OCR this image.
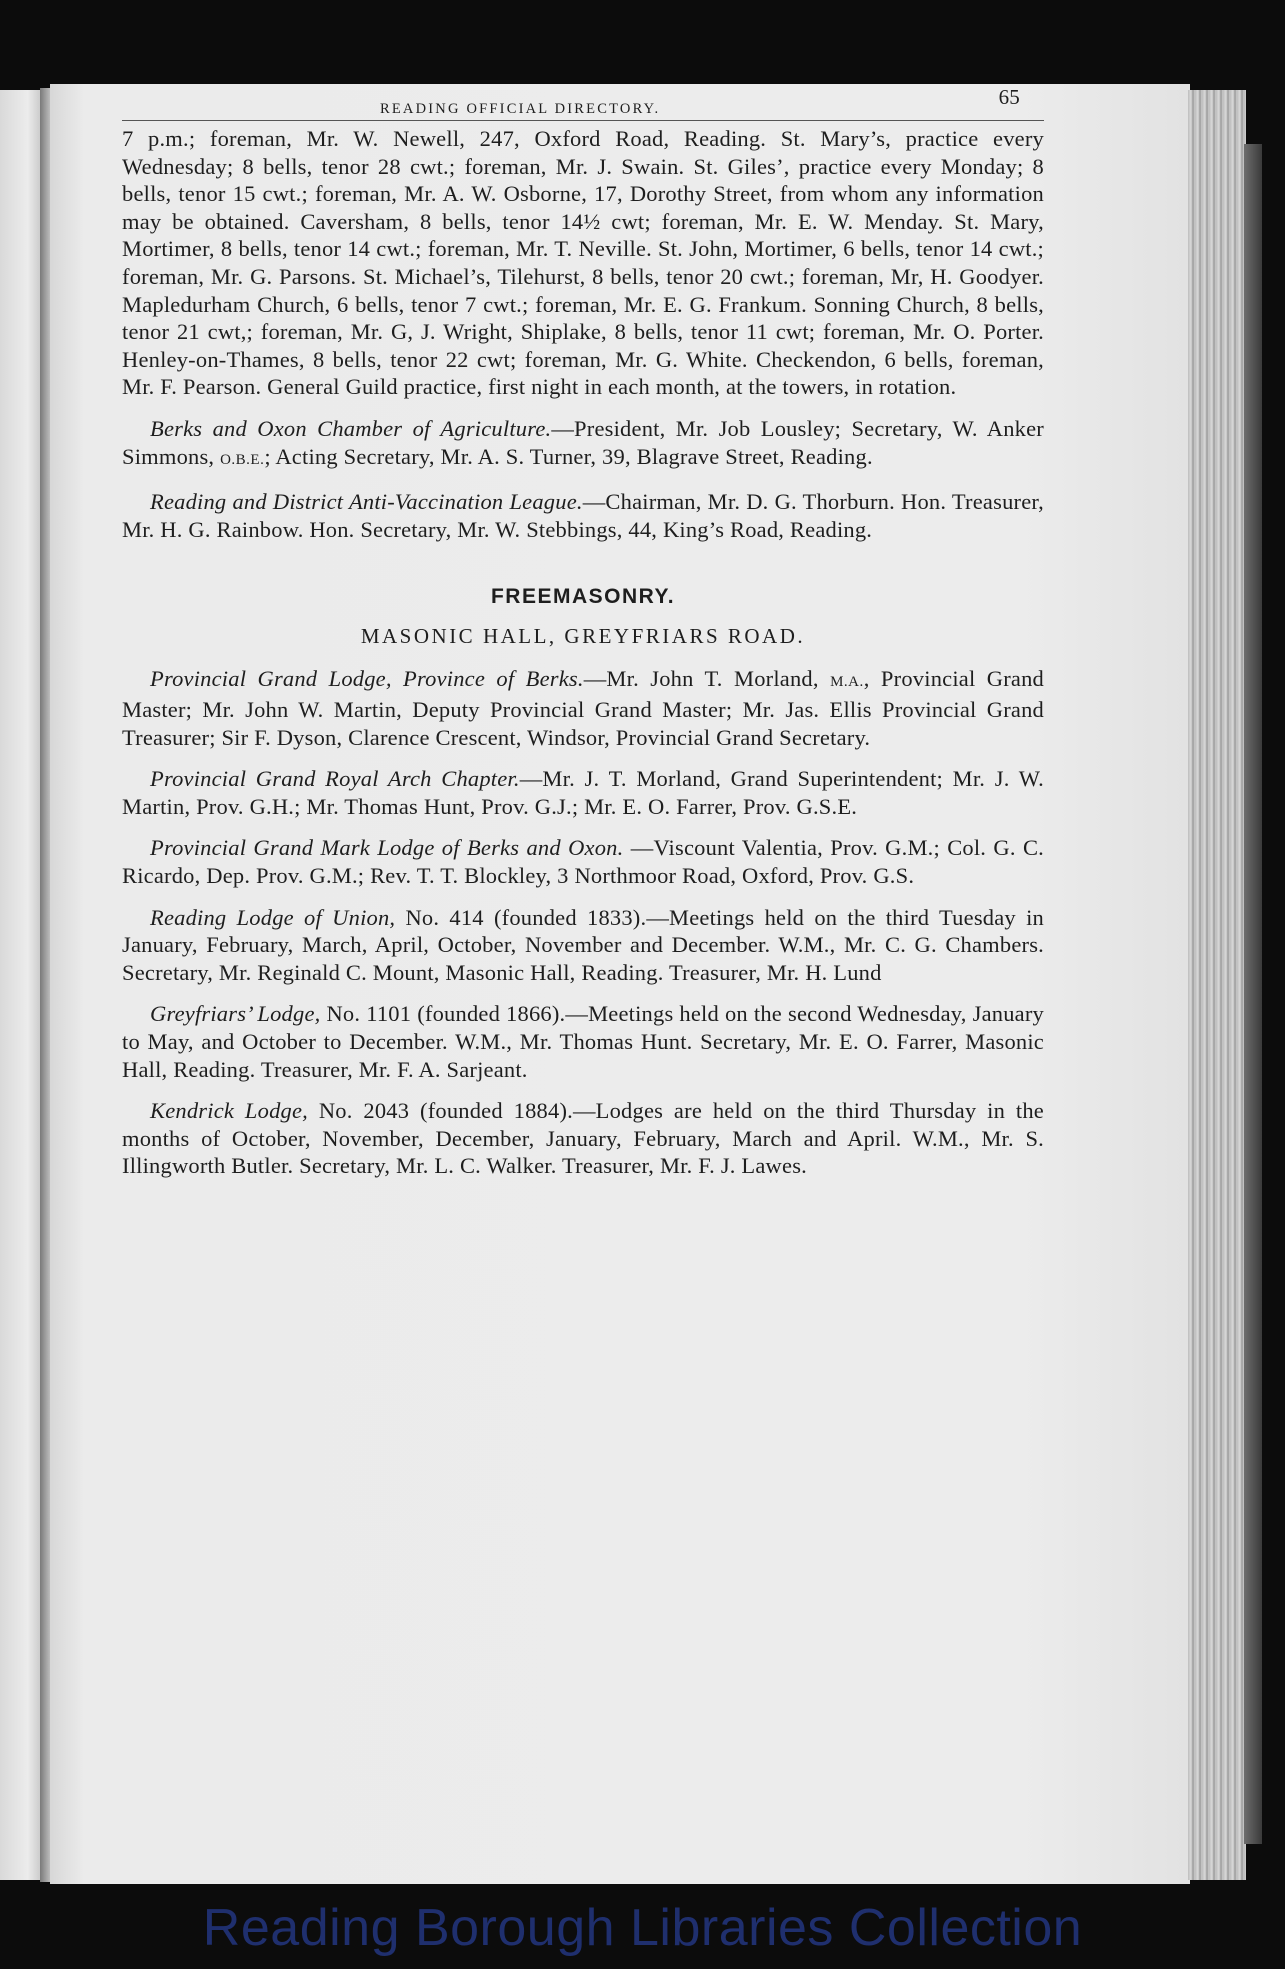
READING OFFICIAL DIRECTORY.	65

7 p.m.; foreman, Mr. W. Newell, 247, Oxford Road, Reading. St. Mary’s, practice every Wednesday; 8 bells, tenor 28 cwt.; foreman, Mr. J. Swain. St. Giles’, practice every Monday; 8 bells, tenor 15 cwt.; foreman, Mr. A. W. Osborne, 17, Dorothy Street, from whom any information may be obtained. Caversham, 8 bells, tenor 14½ cwt; foreman, Mr. E. W. Menday. St. Mary, Mortimer, 8 bells, tenor 14 cwt.; foreman, Mr. T. Neville. St. John, Mortimer, 6 bells, tenor 14 cwt.; foreman, Mr. G. Parsons. St. Michael’s, Tilehurst, 8 bells, tenor 20 cwt.; foreman, Mr, H. Goodyer. Mapledurham Church, 6 bells, tenor 7 cwt.; foreman, Mr. E. G. Frankum. Sonning Church, 8 bells, tenor 21 cwt,; foreman, Mr. G, J. Wright, Shiplake, 8 bells, tenor 11 cwt; foreman, Mr. O. Porter. Henley-on-Thames, 8 bells, tenor 22 cwt; foreman, Mr. G. White. Checkendon, 6 bells, foreman, Mr. F. Pearson. General Guild practice, first night in each month, at the towers, in rotation.

Berks and Oxon Chamber of Agriculture.—President, Mr. Job Lousley; Secretary, W. Anker Simmons, O.B.E.; Acting Secretary, Mr. A. S. Turner, 39, Blagrave Street, Reading.

Reading and District Anti-Vaccination League.—Chairman, Mr. D. G. Thorburn. Hon. Treasurer, Mr. H. G. Rainbow. Hon. Secretary, Mr. W. Stebbings, 44, King’s Road, Reading.

FREEMASONRY.
MASONIC HALL, GREYFRIARS ROAD.

Provincial Grand Lodge, Province of Berks.—Mr. John T. Morland, M.A., Provincial Grand Master; Mr. John W. Martin, Deputy Provincial Grand Master; Mr. Jas. Ellis Provincial Grand Treasurer; Sir F. Dyson, Clarence Crescent, Windsor, Provincial Grand Secretary.

Provincial Grand Royal Arch Chapter.—Mr. J. T. Morland, Grand Superintendent; Mr. J. W. Martin, Prov. G.H.; Mr. Thomas Hunt, Prov. G.J.; Mr. E. O. Farrer, Prov. G.S.E.

Provincial Grand Mark Lodge of Berks and Oxon. —Viscount Valentia, Prov. G.M.; Col. G. C. Ricardo, Dep. Prov. G.M.; Rev. T. T. Blockley, 3 Northmoor Road, Oxford, Prov. G.S.

Reading Lodge of Union, No. 414 (founded 1833).—Meetings held on the third Tuesday in January, February, March, April, October, November and December. W.M., Mr. C. G. Chambers. Secretary, Mr. Reginald C. Mount, Masonic Hall, Reading. Treasurer, Mr. H. Lund

Greyfriars’ Lodge, No. 1101 (founded 1866).—Meetings held on the second Wednesday, January to May, and October to December. W.M., Mr. Thomas Hunt. Secretary, Mr. E. O. Farrer, Masonic Hall, Reading. Treasurer, Mr. F. A. Sarjeant.

Kendrick Lodge, No. 2043 (founded 1884).—Lodges are held on the third Thursday in the months of October, November, December, January, February, March and April. W.M., Mr. S. Illingworth Butler. Secretary, Mr. L. C. Walker. Treasurer, Mr. F. J. Lawes.

Reading Borough Libraries Collection
